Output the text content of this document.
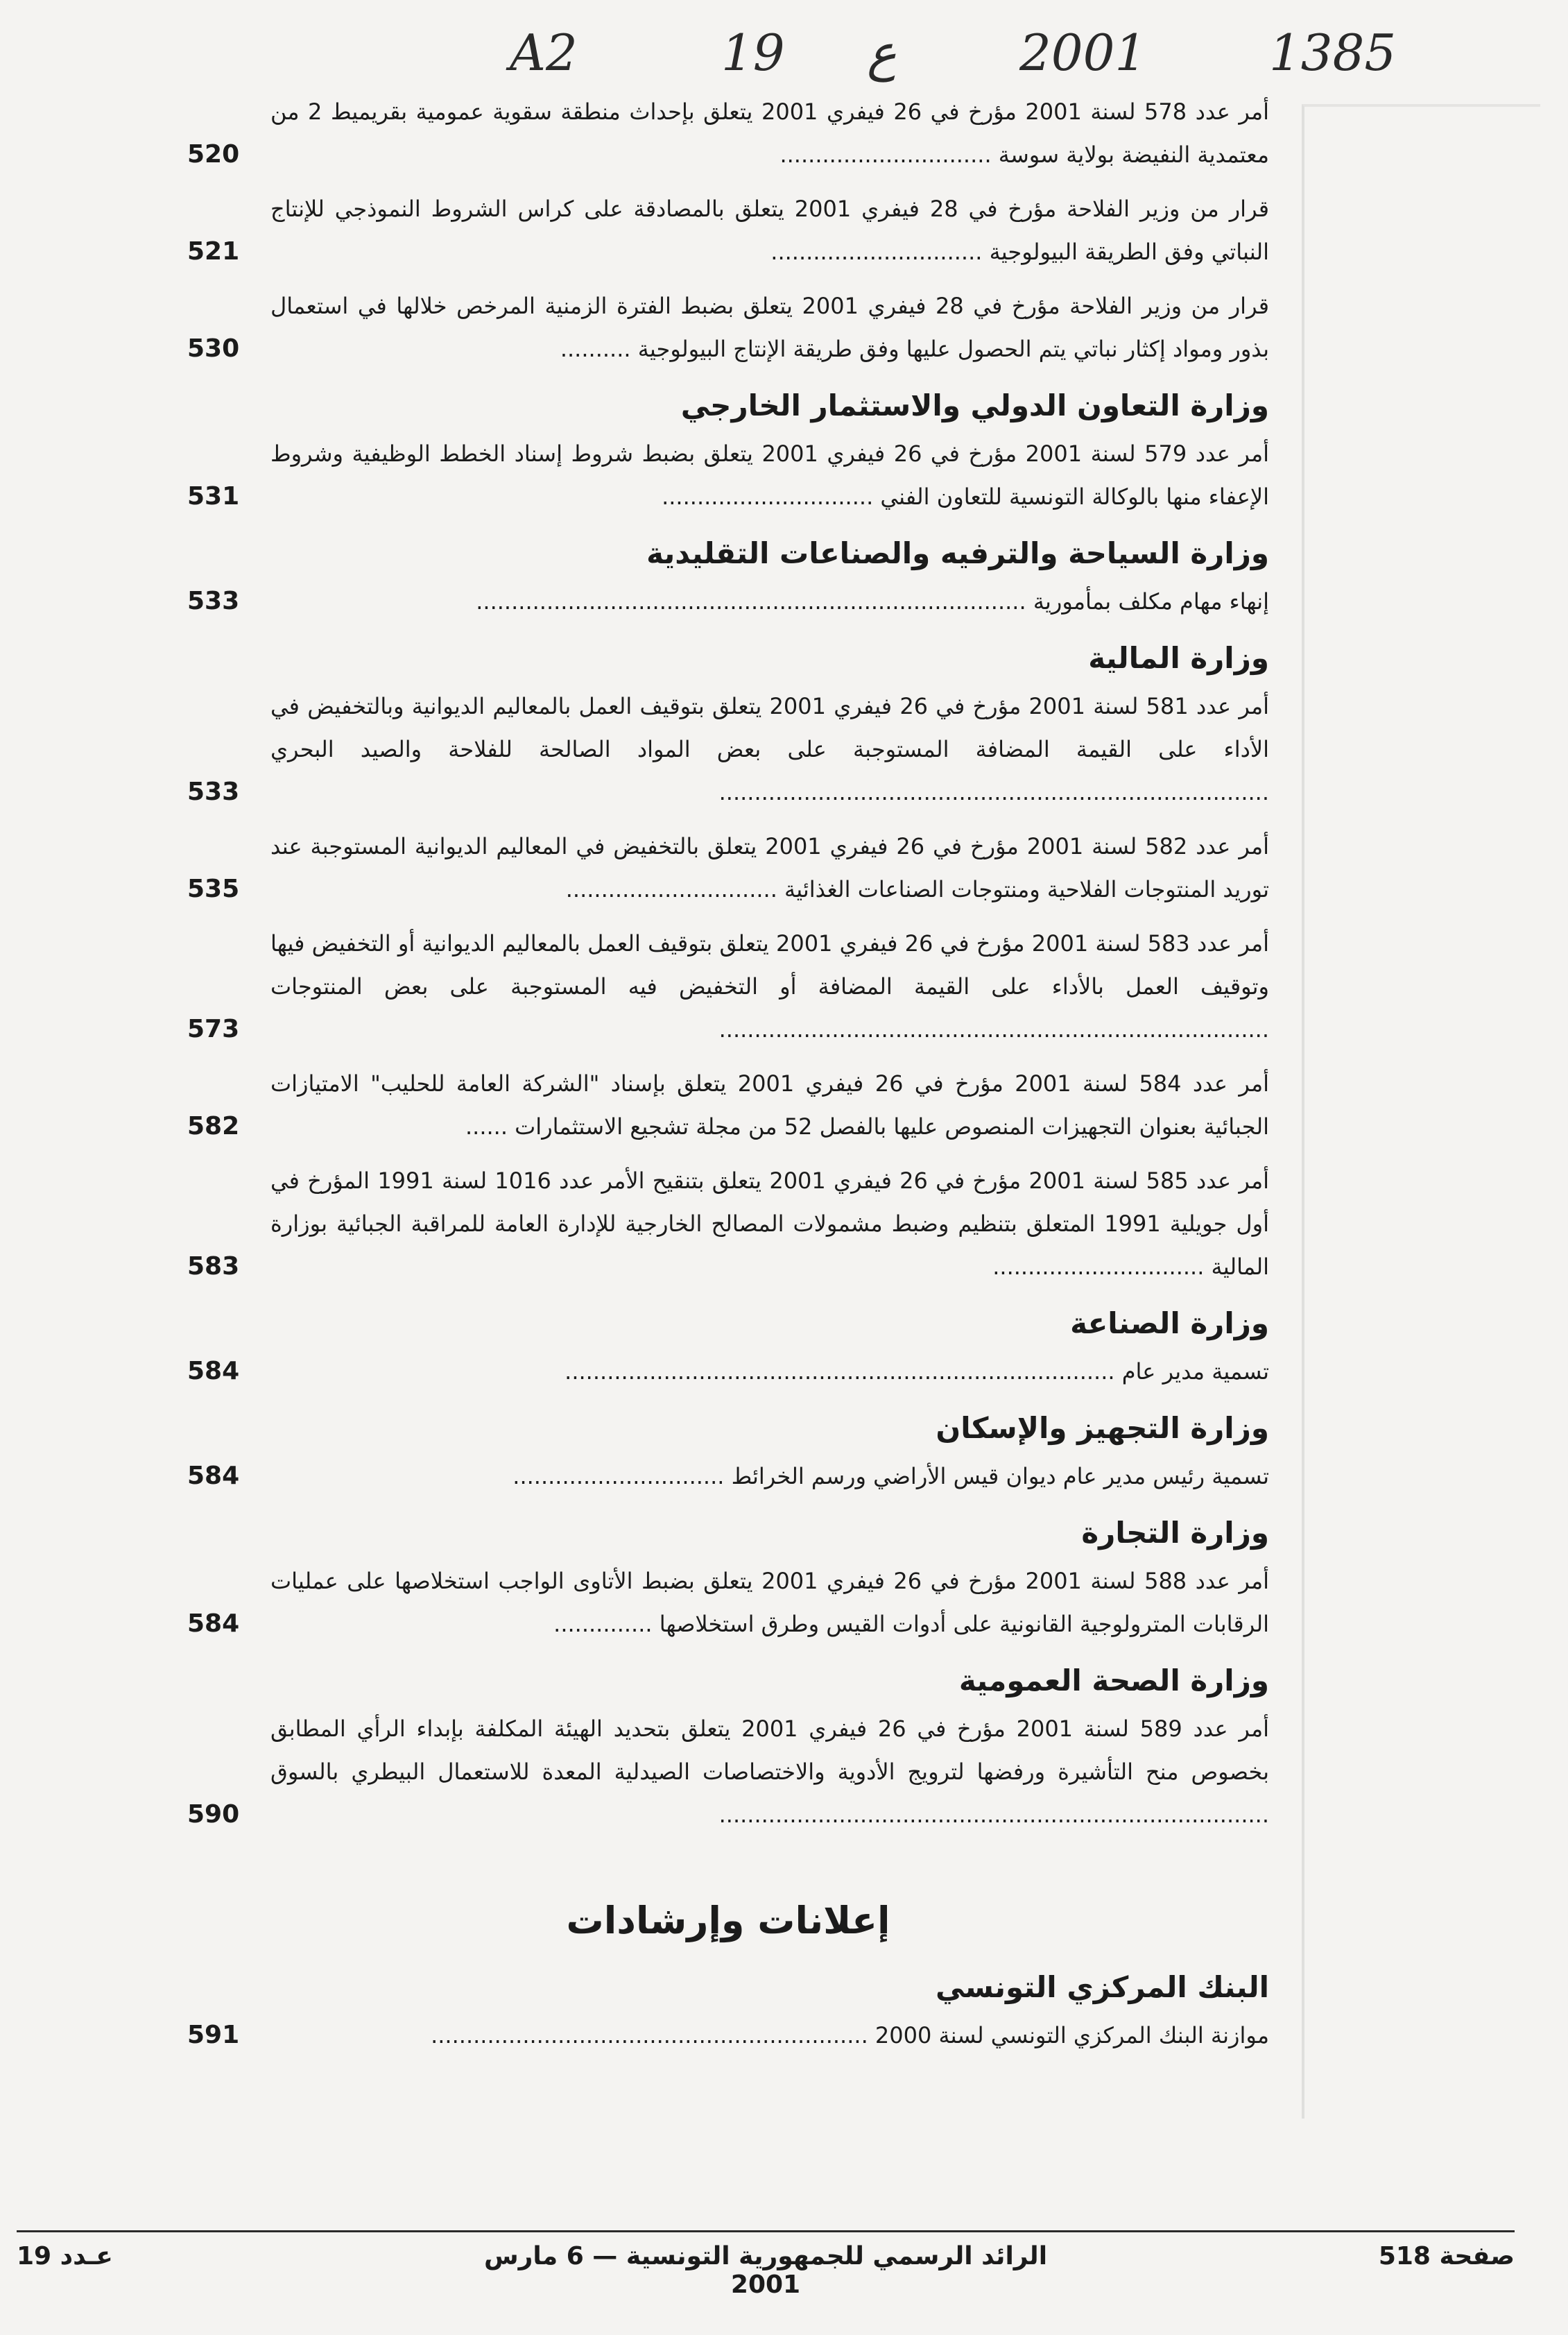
A2	19 ع 2001 1385
أمر عدد 578 لسنة 2001 مؤرخ في 26 فيفري 2001 يتعلق بإحداث منطقة سقوية عمومية بقريميط 2 من معتمدية النفيضة بولاية سوسة ..............................
520
قرار من وزير الفلاحة مؤرخ في 28 فيفري 2001 يتعلق بالمصادقة على كراس الشروط النموذجي للإنتاج النباتي وفق الطريقة البيولوجية ..............................
521
قرار من وزير الفلاحة مؤرخ في 28 فيفري 2001 يتعلق بضبط الفترة الزمنية المرخص خلالها في استعمال بذور ومواد إكثار نباتي يتم الحصول عليها وفق طريقة الإنتاج البيولوجية ..........
530
وزارة التعاون الدولي والاستثمار الخارجي
أمر عدد 579 لسنة 2001 مؤرخ في 26 فيفري 2001 يتعلق بضبط شروط إسناد الخطط الوظيفية وشروط الإعفاء منها بالوكالة التونسية للتعاون الفني ..............................
531
وزارة السياحة والترفيه والصناعات التقليدية
إنهاء مهام مكلف بمأمورية ..............................................................................
533
وزارة المالية
أمر عدد 581 لسنة 2001 مؤرخ في 26 فيفري 2001 يتعلق بتوقيف العمل بالمعاليم الديوانية وبالتخفيض في الأداء على القيمة المضافة المستوجبة على بعض المواد الصالحة للفلاحة والصيد البحري ..............................................................................
533
أمر عدد 582 لسنة 2001 مؤرخ في 26 فيفري 2001 يتعلق بالتخفيض في المعاليم الديوانية المستوجبة عند توريد المنتوجات الفلاحية ومنتوجات الصناعات الغذائية ..............................
535
أمر عدد 583 لسنة 2001 مؤرخ في 26 فيفري 2001 يتعلق بتوقيف العمل بالمعاليم الديوانية أو التخفيض فيها وتوقيف العمل بالأداء على القيمة المضافة أو التخفيض فيه المستوجبة على بعض المنتوجات ..............................................................................
573
أمر عدد 584 لسنة 2001 مؤرخ في 26 فيفري 2001 يتعلق بإسناد "الشركة العامة للحليب" الامتيازات الجبائية بعنوان التجهيزات المنصوص عليها بالفصل 52 من مجلة تشجيع الاستثمارات ......
582
أمر عدد 585 لسنة 2001 مؤرخ في 26 فيفري 2001 يتعلق بتنقيح الأمر عدد 1016 لسنة 1991 المؤرخ في أول جويلية 1991 المتعلق بتنظيم وضبط مشمولات المصالح الخارجية للإدارة العامة للمراقبة الجبائية بوزارة المالية ..............................
583
وزارة الصناعة
تسمية مدير عام ..............................................................................
584
وزارة التجهيز والإسكان
تسمية رئيس مدير عام ديوان قيس الأراضي ورسم الخرائط ..............................
584
وزارة التجارة
أمر عدد 588 لسنة 2001 مؤرخ في 26 فيفري 2001 يتعلق بضبط الأتاوى الواجب استخلاصها على عمليات الرقابات المترولوجية القانونية على أدوات القيس وطرق استخلاصها ..............
584
وزارة الصحة العمومية
أمر عدد 589 لسنة 2001 مؤرخ في 26 فيفري 2001 يتعلق بتحديد الهيئة المكلفة بإبداء الرأي المطابق بخصوص منح التأشيرة ورفضها لترويج الأدوية والاختصاصات الصيدلية المعدة للاستعمال البيطري بالسوق ..............................................................................
590
إعلانات وإرشادات
البنك المركزي التونسي
موازنة البنك المركزي التونسي لسنة 2000 ..............................................................
591
صفحة 518
الرائد الرسمي للجمهورية التونسية — 6 مارس 2001
عـدد 19
